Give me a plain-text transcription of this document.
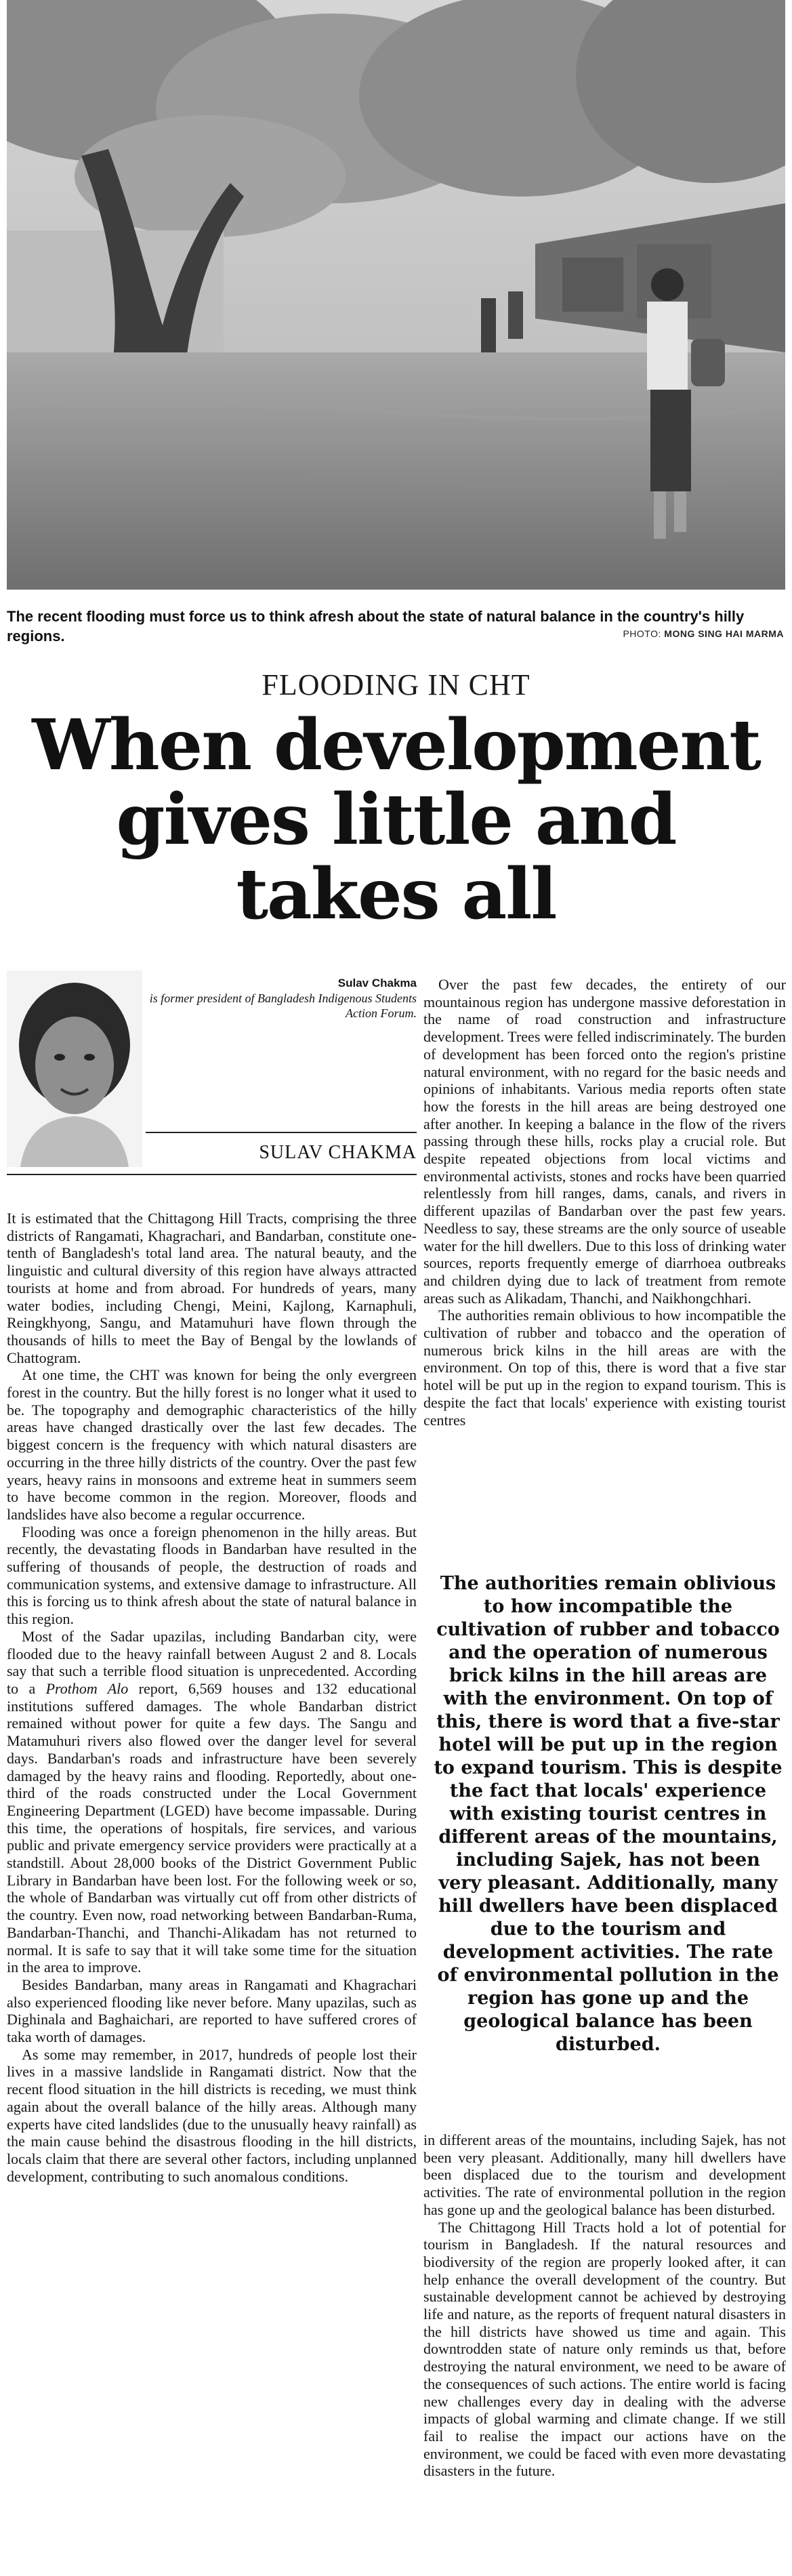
The recent flooding must force us to think afresh about the state of natural balance in the country's hilly regions.	PHOTO: MONG SING HAI MARMA
FLOODING IN CHT
When development
gives little and
takes all
Sulav Chakma
is former president of Bangladesh Indigenous Students Action Forum.
SULAV CHAKMA

It is estimated that the Chittagong Hill Tracts, comprising the three districts of Rangamati, Khagrachari, and Bandarban, constitute one-tenth of Bangladesh's total land area. The natural beauty, and the linguistic and cultural diversity of this region have always attracted tourists at home and from abroad. For hundreds of years, many water bodies, including Chengi, Meini, Kajlong, Karnaphuli, Reingkhyong, Sangu, and Matamuhuri have flown through the thousands of hills to meet the Bay of Bengal by the lowlands of Chattogram.

At one time, the CHT was known for being the only evergreen forest in the country. But the hilly forest is no longer what it used to be. The topography and demographic characteristics of the hilly areas have changed drastically over the last few decades. The biggest concern is the frequency with which natural disasters are occurring in the three hilly districts of the country. Over the past few years, heavy rains in monsoons and extreme heat in summers seem to have become common in the region. Moreover, floods and landslides have also become a regular occurrence.

Flooding was once a foreign phenomenon in the hilly areas. But recently, the devastating floods in Bandarban have resulted in the suffering of thousands of people, the destruction of roads and communication systems, and extensive damage to infrastructure. All this is forcing us to think afresh about the state of natural balance in this region.

Most of the Sadar upazilas, including Bandarban city, were flooded due to the heavy rainfall between August 2 and 8. Locals say that such a terrible flood situation is unprecedented. According to a Prothom Alo report, 6,569 houses and 132 educational institutions suffered damages. The whole Bandarban district remained without power for quite a few days. The Sangu and Matamuhuri rivers also flowed over the danger level for several days. Bandarban's roads and infrastructure have been severely damaged by the heavy rains and flooding. Reportedly, about one-third of the roads constructed under the Local Government Engineering Department (LGED) have become impassable. During this time, the operations of hospitals, fire services, and various public and private emergency service providers were practically at a standstill. About 28,000 books of the District Government Public Library in Bandarban have been lost. For the following week or so, the whole of Bandarban was virtually cut off from other districts of the country. Even now, road networking between Bandarban-Ruma, Bandarban-Thanchi, and Thanchi-Alikadam has not returned to normal. It is safe to say that it will take some time for the situation in the area to improve.

Besides Bandarban, many areas in Rangamati and Khagrachari also experienced flooding like never before. Many upazilas, such as Dighinala and Baghaichari, are reported to have suffered crores of taka worth of damages.

As some may remember, in 2017, hundreds of people lost their lives in a massive landslide in Rangamati district. Now that the recent flood situation in the hill districts is receding, we must think again about the overall balance of the hilly areas. Although many experts have cited landslides (due to the unusually heavy rainfall) as the main cause behind the disastrous flooding in the hill districts, locals claim that there are several other factors, including unplanned development, contributing to such anomalous conditions.

Over the past few decades, the entirety of our mountainous region has undergone massive deforestation in the name of road construction and infrastructure development. Trees were felled indiscriminately. The burden of development has been forced onto the region's pristine natural environment, with no regard for the basic needs and opinions of inhabitants. Various media reports often state how the forests in the hill areas are being destroyed one after another. In keeping a balance in the flow of the rivers passing through these hills, rocks play a crucial role. But despite repeated objections from local victims and environmental activists, stones and rocks have been quarried relentlessly from hill ranges, dams, canals, and rivers in different upazilas of Bandarban over the past few years. Needless to say, these streams are the only source of useable water for the hill dwellers. Due to this loss of drinking water sources, reports frequently emerge of diarrhoea outbreaks and children dying due to lack of treatment from remote areas such as Alikadam, Thanchi, and Naikhongchhari.

The authorities remain oblivious to how incompatible the cultivation of rubber and tobacco and the operation of numerous brick kilns in the hill areas are with the environment. On top of this, there is word that a five star hotel will be put up in the region to expand tourism. This is despite the fact that locals' experience with existing tourist centres

The authorities remain oblivious to how incompatible the cultivation of rubber and tobacco and the operation of numerous brick kilns in the hill areas are with the environment. On top of this, there is word that a five-star hotel will be put up in the region to expand tourism. This is despite the fact that locals' experience with existing tourist centres in different areas of the mountains, including Sajek, has not been very pleasant. Additionally, many hill dwellers have been displaced due to the tourism and development activities. The rate of environmental pollution in the region has gone up and the geological balance has been disturbed.

in different areas of the mountains, including Sajek, has not been very pleasant. Additionally, many hill dwellers have been displaced due to the tourism and development activities. The rate of environmental pollution in the region has gone up and the geological balance has been disturbed.

The Chittagong Hill Tracts hold a lot of potential for tourism in Bangladesh. If the natural resources and biodiversity of the region are properly looked after, it can help enhance the overall development of the country. But sustainable development cannot be achieved by destroying life and nature, as the reports of frequent natural disasters in the hill districts have showed us time and again. This downtrodden state of nature only reminds us that, before destroying the natural environment, we need to be aware of the consequences of such actions. The entire world is facing new challenges every day in dealing with the adverse impacts of global warming and climate change. If we still fail to realise the impact our actions have on the environment, we could be faced with even more devastating disasters in the future.
